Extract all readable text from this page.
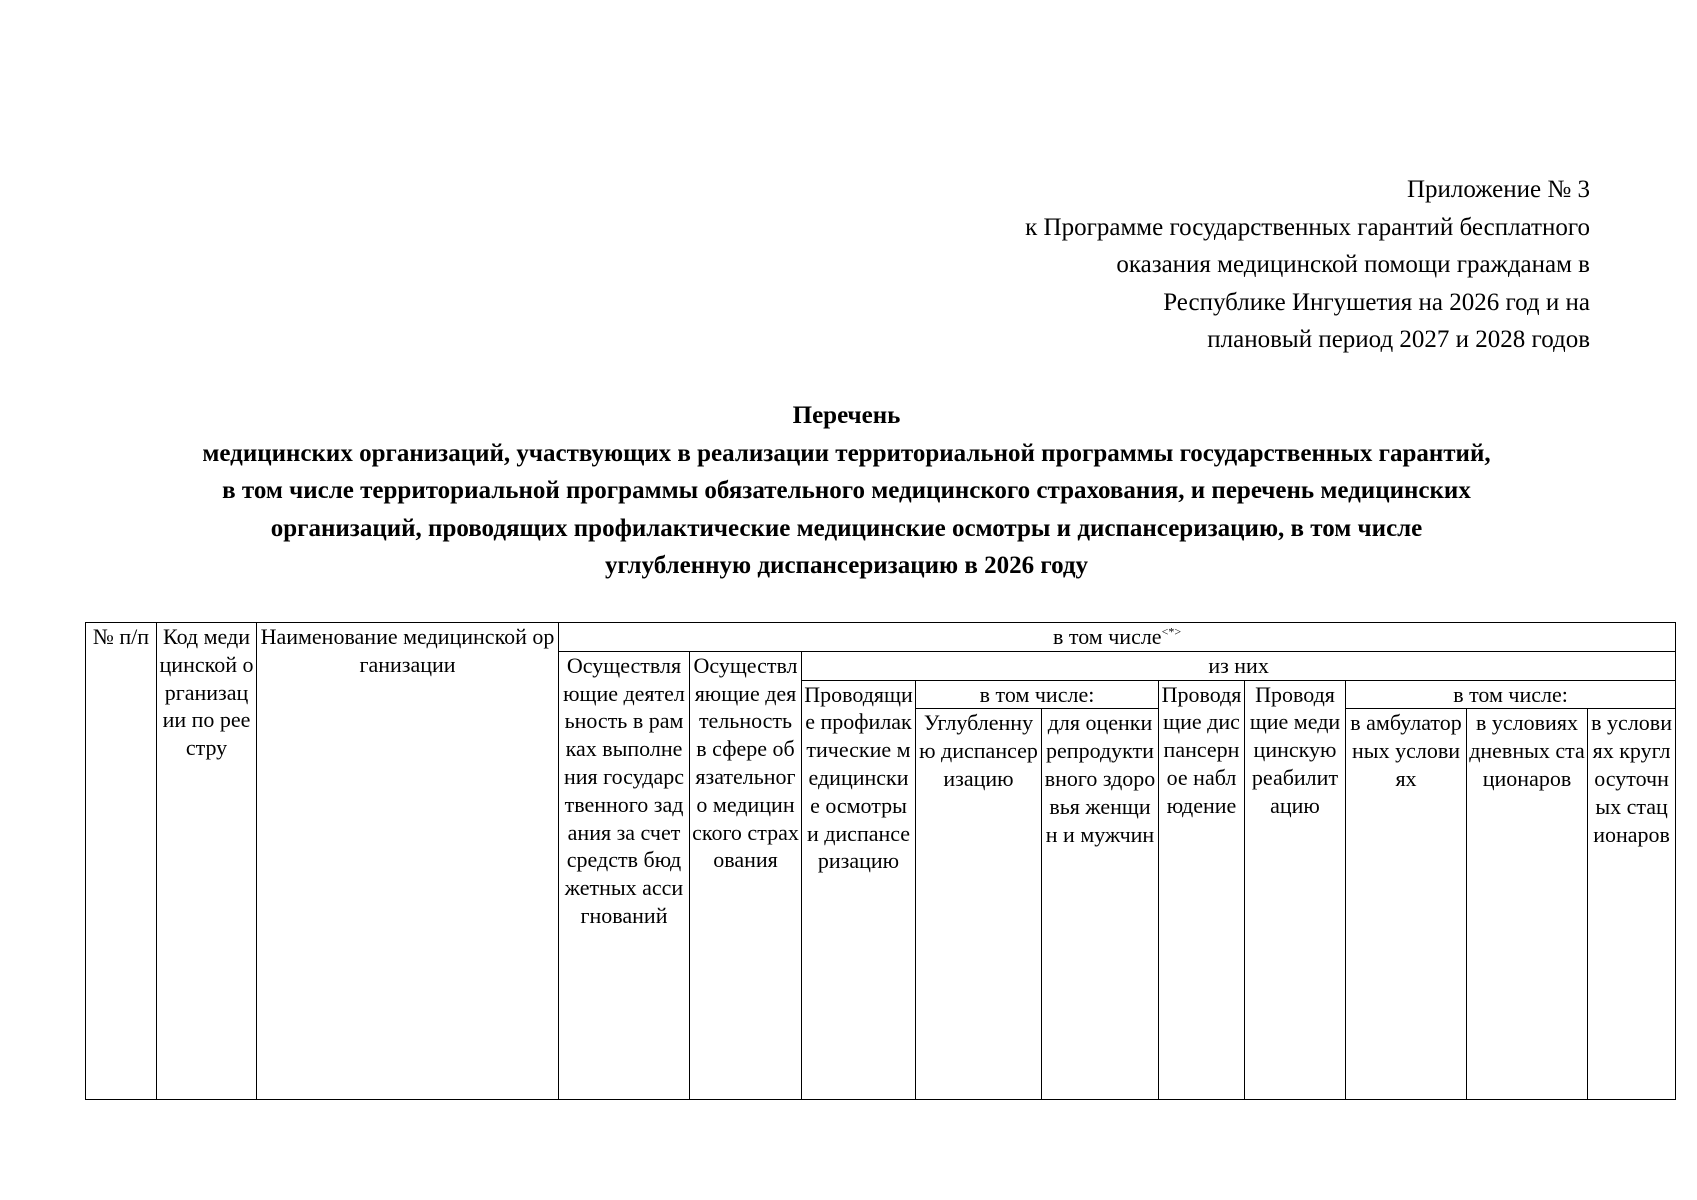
Приложение № 3
к Программе государственных гарантий бесплатного
оказания медицинской помощи гражданам в
Республике Ингушетия на 2026 год и на
плановый период 2027 и 2028 годов
Перечень
медицинских организаций, участвующих в реализации территориальной программы государственных гарантий,
в том числе территориальной программы обязательного медицинского страхования, и перечень медицинских
организаций, проводящих профилактические медицинские осмотры и диспансеризацию, в том числе
углубленную диспансеризацию в 2026 году
№ п/п	Код медицинской организации по реестру	Наименование медицинской организации	в том числе<*>
			Осуществляющие деятельность в рамках выполнения государственного задания за счет средств бюджетных ассигнований	Осуществляющие деятельность в сфере обязательного медицинского страхования	из них							
					Проводящие профилактические медицинские осмотры и диспансеризацию	в том числе:		Проводящие диспансерное наблюдение	Проводящие медицинскую реабилитацию	в том числе:		
						Углубленную диспансеризацию	для оценки репродуктивного здоровья женщин и мужчин			в амбулаторных условиях	в условиях дневных стационаров	в условиях круглосуточных стационаров
